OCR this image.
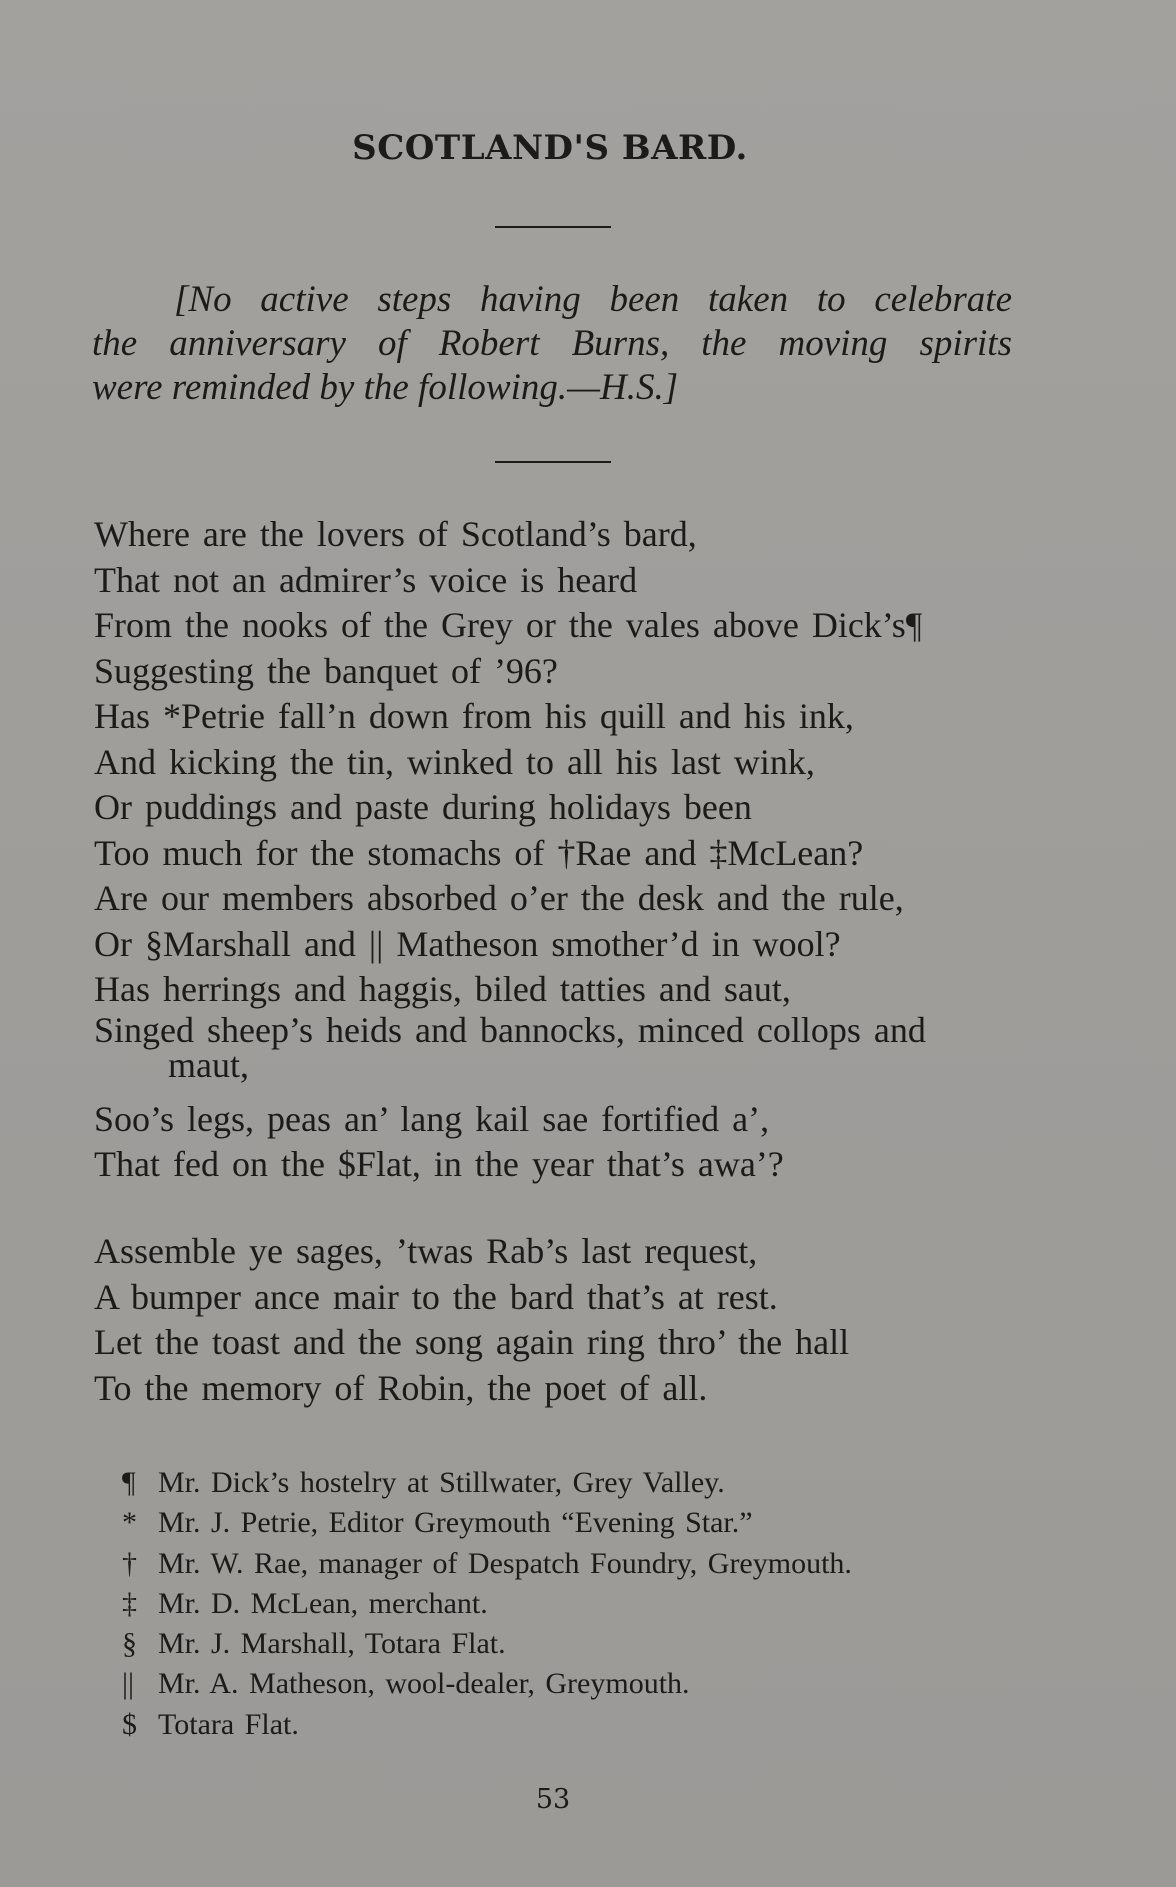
SCOTLAND'S BARD.

[No active steps having been taken to celebrate
the anniversary of Robert Burns, the moving spirits
were reminded by the following.—H.S.]

Where are the lovers of Scotland’s bard,
That not an admirer’s voice is heard
From the nooks of the Grey or the vales above Dick’s¶
Suggesting the banquet of ’96?
Has *Petrie fall’n down from his quill and his ink,
And kicking the tin, winked to all his last wink,
Or puddings and paste during holidays been
Too much for the stomachs of †Rae and ‡McLean?
Are our members absorbed o’er the desk and the rule,
Or §Marshall and || Matheson smother’d in wool?
Has herrings and haggis, biled tatties and saut,
Singed sheep’s heids and bannocks, minced collops and
maut,
Soo’s legs, peas an’ lang kail sae fortified a’,
That fed on the $Flat, in the year that’s awa’?
Assemble ye sages, ’twas Rab’s last request,
A bumper ance mair to the bard that’s at rest.
Let the toast and the song again ring thro’ the hall
To the memory of Robin, the poet of all.
¶ Mr. Dick’s hostelry at Stillwater, Grey Valley.
* Mr. J. Petrie, Editor Greymouth “Evening Star.”
† Mr. W. Rae, manager of Despatch Foundry, Greymouth.
‡ Mr. D. McLean, merchant.
§ Mr. J. Marshall, Totara Flat.
|| Mr. A. Matheson, wool-dealer, Greymouth.
$ Totara Flat.
53
